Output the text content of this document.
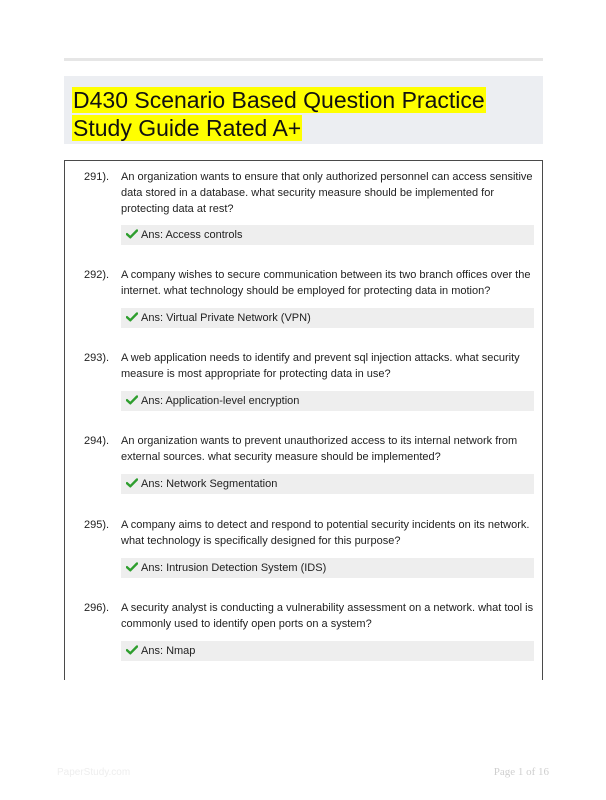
D430 Scenario Based Question Practice Study Guide Rated A+
291). An organization wants to ensure that only authorized personnel can access sensitive data stored in a database. what security measure should be implemented for protecting data at rest?
Ans: Access controls
292). A company wishes to secure communication between its two branch offices over the internet. what technology should be employed for protecting data in motion?
Ans: Virtual Private Network (VPN)
293). A web application needs to identify and prevent sql injection attacks. what security measure is most appropriate for protecting data in use?
Ans: Application-level encryption
294). An organization wants to prevent unauthorized access to its internal network from external sources. what security measure should be implemented?
Ans: Network Segmentation
295). A company aims to detect and respond to potential security incidents on its network. what technology is specifically designed for this purpose?
Ans: Intrusion Detection System (IDS)
296). A security analyst is conducting a vulnerability assessment on a network. what tool is commonly used to identify open ports on a system?
Ans: Nmap
PaperStudy.com	Page 1 of 16
